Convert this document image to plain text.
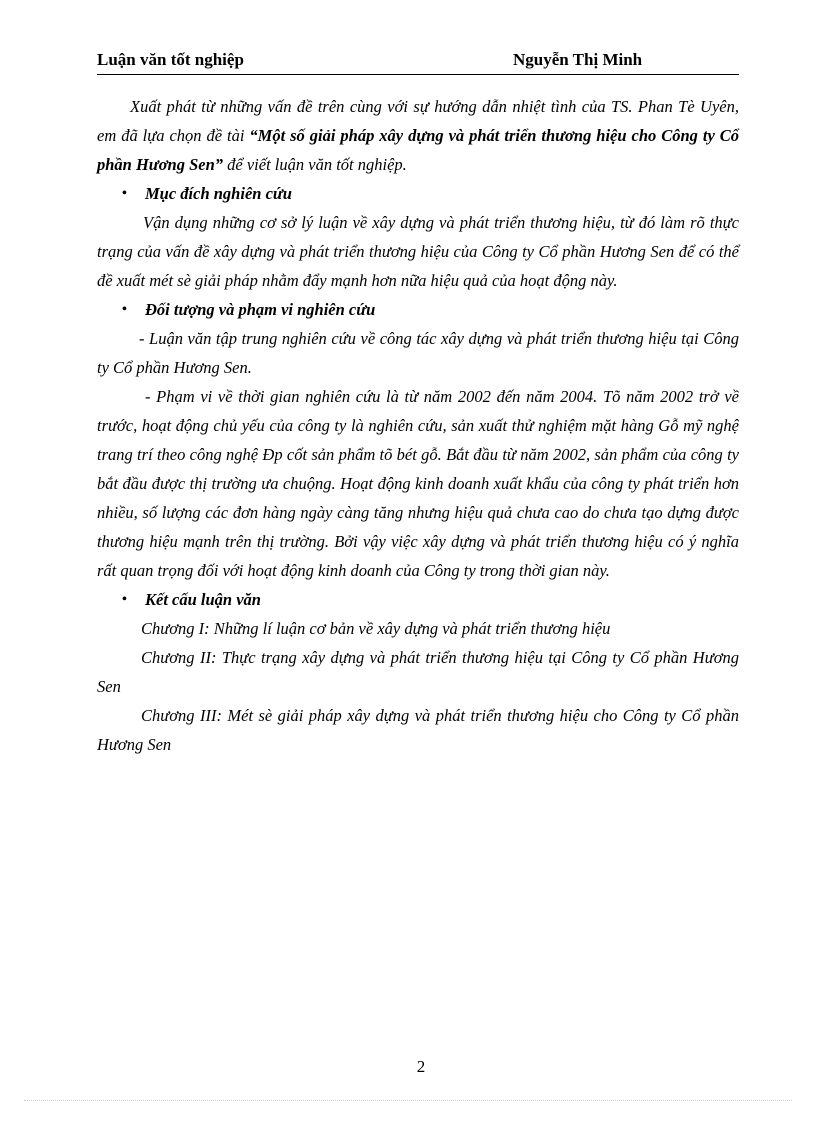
Luận văn tốt nghiệp	Nguyễn Thị Minh

Xuất phát từ những vấn đề trên cùng với sự hướng dẫn nhiệt tình của TS. Phan Tè Uyên, em đã lựa chọn đề tài “Một số giải pháp xây dựng và phát triển thương hiệu cho Công ty Cổ phần Hương Sen” để viết luận văn tốt nghiệp.

• Mục đích nghiên cứu

Vận dụng những cơ sở lý luận về xây dựng và phát triển thương hiệu, từ đó làm rõ thực trạng của vấn đề xây dựng và phát triển thương hiệu của Công ty Cổ phần Hương Sen để có thể đề xuất mét sè giải pháp nhằm đẩy mạnh hơn nữa hiệu quả của hoạt động này.

• Đối tượng và phạm vi nghiên cứu

- Luận văn tập trung nghiên cứu về công tác xây dựng và phát triển thương hiệu tại Công ty Cổ phần Hương Sen.

- Phạm vi về thời gian nghiên cứu là từ năm 2002 đến năm 2004. Tõ năm 2002 trở về trước, hoạt động chủ yếu của công ty là nghiên cứu, sản xuất thử nghiệm mặt hàng Gỗ mỹ nghệ trang trí theo công nghệ Ðp cốt sản phẩm tõ bét gỗ. Bắt đầu từ năm 2002, sản phẩm của công ty bắt đầu được thị trường ưa chuộng. Hoạt động kinh doanh xuất khẩu của công ty phát triển hơn nhiều, số lượng các đơn hàng ngày càng tăng nhưng hiệu quả chưa cao do chưa tạo dựng được thương hiệu mạnh trên thị trường. Bởi vậy việc xây dựng và phát triển thương hiệu có ý nghĩa rất quan trọng đối với hoạt động kinh doanh của Công ty trong thời gian này.

• Kết cấu luận văn

Chương I: Những lí luận cơ bản về xây dựng và phát triển thương hiệu

Chương II: Thực trạng xây dựng và phát triển thương hiệu tại Công ty Cổ phần Hương Sen

Chương III: Mét sè giải pháp xây dựng và phát triển thương hiệu cho Công ty Cổ phần Hương Sen

2
